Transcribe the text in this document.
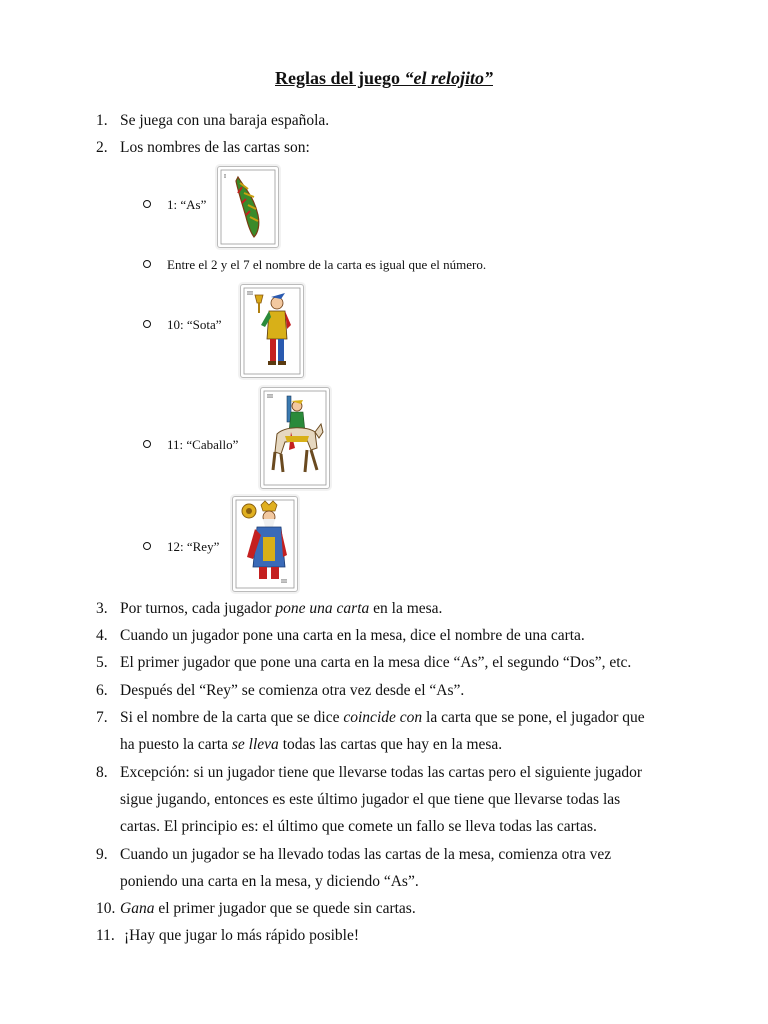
Reglas del juego “el relojito”
1. Se juega con una baraja española.
2. Los nombres de las cartas son:
1: “As”
I
Entre el 2 y el 7 el nombre de la carta es igual que el número.
10: “Sota”
III
11: “Caballo”
III
12: “Rey”
III
3. Por turnos, cada jugador pone una carta en la mesa.
4. Cuando un jugador pone una carta en la mesa, dice el nombre de una carta.
5. El primer jugador que pone una carta en la mesa dice “As”, el segundo “Dos”, etc.
6. Después del “Rey” se comienza otra vez desde el “As”.
7. Si el nombre de la carta que se dice coincide con la carta que se pone, el jugador que
ha puesto la carta se lleva todas las cartas que hay en la mesa.
8. Excepción: si un jugador tiene que llevarse todas las cartas pero el siguiente jugador
sigue jugando, entonces es este último jugador el que tiene que llevarse todas las
cartas. El principio es: el último que comete un fallo se lleva todas las cartas.
9. Cuando un jugador se ha llevado todas las cartas de la mesa, comienza otra vez
poniendo una carta en la mesa, y diciendo “As”.
10. Gana el primer jugador que se quede sin cartas.
11. ¡Hay que jugar lo más rápido posible!
